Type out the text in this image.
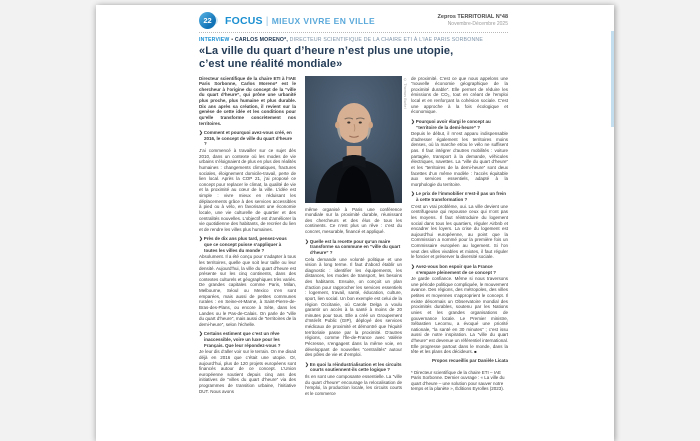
22	FOCUS | MIEUX VIVRE EN VILLE	Zepros TERRITORIAL N°48
Novembre-Décembre 2025
INTERVIEW • CARLOS MORENO*, DIRECTEUR SCIENTIFIQUE DE LA CHAIRE ETI À L’IAE PARIS SORBONNE
«La ville du quart d’heure n’est plus une utopie,
c’est une réalité mondiale»

Directeur scientifique de la chaire ETI à l’IAE Paris Sorbonne, Carlos Moreno* est le chercheur à l’origine du concept de la “ville du quart d’heure”, qui prône une urbanité plus proche, plus humaine et plus durable. Dix ans après sa création, il revient sur la genèse de cette idée et les conditions pour qu’elle transforme concrètement nos territoires.

❯Comment et pourquoi avez-vous créé, en 2016, le concept de ville du quart d’heure ?

J’ai commencé à travailler sur ce sujet dès 2010, dans un contexte où les modes de vie urbains s’éloignaient de plus en plus des réalités humaines : changements climatiques, fractures sociales, éloignement domicile-travail, perte de lien local. Après la COP 21, j’ai proposé ce concept pour replacer le climat, la qualité de vie et la proximité au cœur de la ville. L’idée est simple : vivre mieux en réduisant les déplacements grâce à des services accessibles à pied ou à vélo, en favorisant une économie locale, une vie culturelle de quartier et des centralités nouvelles. L’objectif est d’améliorer la vie quotidienne des habitants, de recréer du lien et de rendre les villes plus humaines.

❯Près de dix ans plus tard, pensez-vous que ce concept puisse s’appliquer à toutes les villes du monde ?

Absolument. Il a été conçu pour s’adapter à tous les territoires, quelle que soit leur taille ou leur densité. Aujourd’hui, la ville du quart d’heure est présente sur les cinq continents, dans des contextes culturels et géographiques très variés. De grandes capitales comme Paris, Milan, Melbourne, Séoul ou Mexico s’en sont emparées, mais aussi de petites communes rurales : en Seine-et-Marne, à Saint-Pierre-de-Bras-des-Plans, ou encore à Sète, dans les Landes ou le Pas-de-Calais. On parle de “ville du quart d’heure”, mais aussi de “territoires de la demi-heure”, selon l’échelle.

❯Certains estiment que c’est un rêve inaccessible, voire un luxe pour les Français. Que leur répondez-vous ?

Je leur dis d’aller voir sur le terrain. On me disait déjà en 2016 que c’était une utopie. Or, aujourd’hui, plus de 120 projets européens sont financés autour de ce concept. L’Union européenne soutient depuis cinq ans des initiatives de “villes du quart d’heure” via des programmes de transition urbaine, l’initiative DUT. Nous avons

© Thomas Bartel

même organisé à Paris une conférence mondiale sur la proximité durable, réunissant des chercheurs et des élus de tous les continents. Ce n’est plus un rêve : c’est du concret, mesurable, financé et appliqué.

❯Quelle est la recette pour qu’un maire transforme sa commune en “ville du quart d’heure” ?

Cela demande une volonté politique et une vision à long terme. Il faut d’abord établir un diagnostic : identifier les équipements, les distances, les modes de transport, les besoins des habitants. Ensuite, on conçoit un plan d’action pour rapprocher les services essentiels : logement, travail, santé, éducation, culture, sport, lien social. Un bon exemple est celui de la région Occitanie, où Carole Delga a voulu garantir un accès à la santé à moins de 20 minutes pour tous. Elle a créé un Groupement d’Intérêt Public (GIP), déployé des services médicaux de proximité et démontré que l’équité territoriale passe par la proximité. D’autres régions, comme l’Île-de-France avec Valérie Pécresse, s’engagent dans la même voie, en développant de nouvelles “centralités” autour des pôles de vie et d’emploi.

❯En quoi la réindustrialisation et les circuits courts soutiennent-ils cette logique ?

Ils en sont une composante essentielle. La “ville du quart d’heure” encourage la relocalisation de l’emploi, la production locale, les circuits courts et le commerce

de proximité. C’est ce que nous appelons une “nouvelle économie géographique de la proximité durable”. Elle permet de réduire les émissions de CO₂, tout en créant de l’emploi local et en renforçant la cohésion sociale. C’est une approche à la fois écologique et économique.

❯Pourquoi avoir élargi le concept au “territoire de la demi-heure” ?

Depuis le début, il m’est apparu indispensable d’adresser également les territoires moins denses, où la marche et/ou le vélo ne suffisent pas. Il faut intégrer d’autres mobilités : voiture partagée, transport à la demande, véhicules électriques, navettes. La “ville du quart d’heure” et les “territoires de la demi-heure” sont deux facettes d’un même modèle : l’accès équitable aux services essentiels, adapté à la morphologie du territoire.

❯Le prix de l’immobilier n’est-il pas un frein à cette transformation ?

C’est un vrai problème, oui. La ville devient une centrifugeuse qui repousse ceux qui n’ont pas les moyens. Il faut réintroduire du logement social dans tous les quartiers, réguler Airbnb et encadrer les loyers. La crise du logement est aujourd’hui européenne, au point que la Commission a nommé pour la première fois un Commissaire européen au logement. Si l’on veut des villes vivables et mixtes, il faut réguler le foncier et préserver la diversité sociale.

❯Avez-vous bon espoir que la France s’empare pleinement de ce concept ?

Je garde confiance. Même si nous traversons une période politique compliquée, le mouvement avance. Des régions, des métropoles, des villes petites et moyennes s’approprient le concept. Il existe désormais un Observatoire mondial des proximités durables, soutenu par les Nations unies et les grandes organisations de gouvernance locale. Le Premier ministre, Sébastien Lecornu, a évoqué une priorité nationale, “la santé en 30 minutes” ; c’est issu aussi de notre inspiration. La “ville du quart d’heure” est devenue un référentiel international. Elle progresse partout dans le monde, dans la tête et les plans des décideurs. ■

Propos recueillis par Danièle Licata

* Directeur scientifique de la chaire ETI – IAE Paris Sorbonne. Dernier ouvrage : « La ville du quart d’heure – une solution pour sauver notre temps et la planète », Éditions Eyrolles (2023).
